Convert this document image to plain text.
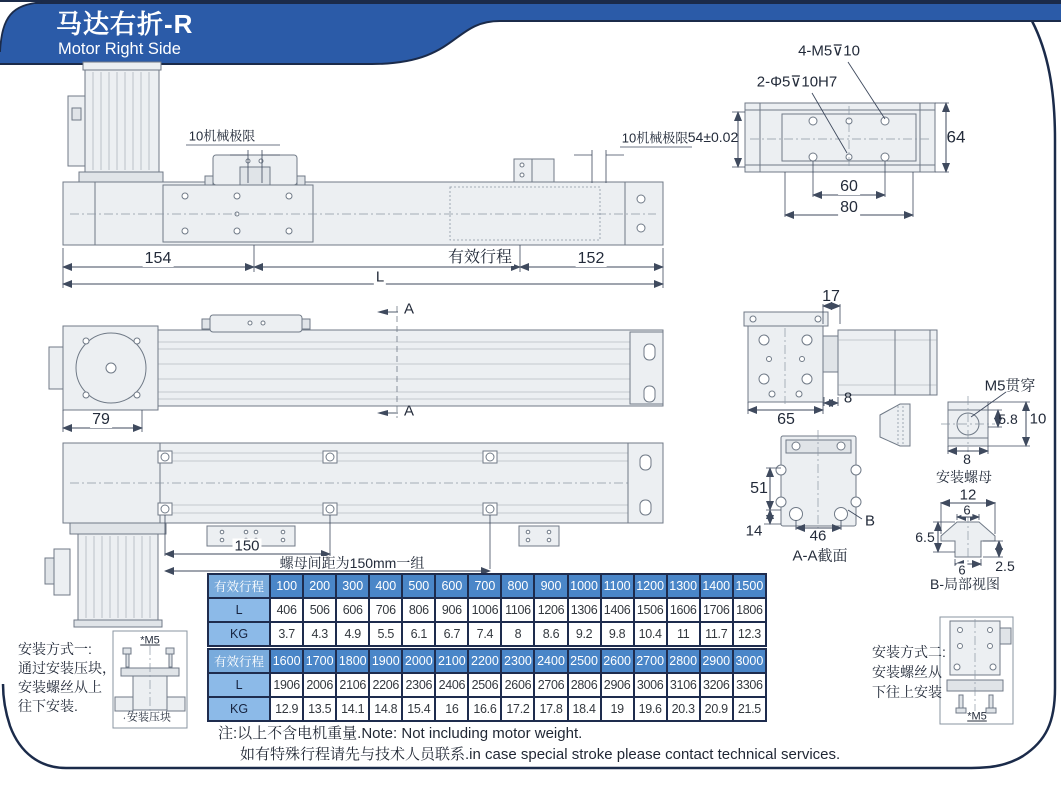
马达右折-R
Motor Right Side
10机械极限	10机械极限
154	有效行程	152
L
4-M5⊽10
2-Φ5⊽10H7
54±0.02	64
60
80
A
A
79
150
螺母间距为150mm一组
17
65
8
M5贯穿
5.8 10
8
安装螺母
51
14	46
B
A-A截面
12
6
6.5
6 2.5
B-局部视图
安装方式一:
通过安装压块，
安装螺丝从上
往下安装.
*M5
安装压块
安装方式二:
安装螺丝从
下往上安装
*M5
有效行程	100	200	300	400	500	600	700	800	900	1000	1100	1200	1300	1400	1500
L	406	506	606	706	806	906	1006	1106	1206	1306	1406	1506	1606	1706	1806
KG	3.7	4.3	4.9	5.5	6.1	6.7	7.4	8	8.6	9.2	9.8	10.4	11	11.7	12.3
有效行程	1600	1700	1800	1900	2000	2100	2200	2300	2400	2500	2600	2700	2800	2900	3000
L	1906	2006	2106	2206	2306	2406	2506	2606	2706	2806	2906	3006	3106	3206	3306
KG	12.9	13.5	14.1	14.8	15.4	16	16.6	17.2	17.8	18.4	19	19.6	20.3	20.9	21.5
注:以上不含电机重量.Note: Not including motor weight.
如有特殊行程请先与技术人员联系.in case special stroke please contact technical services.
